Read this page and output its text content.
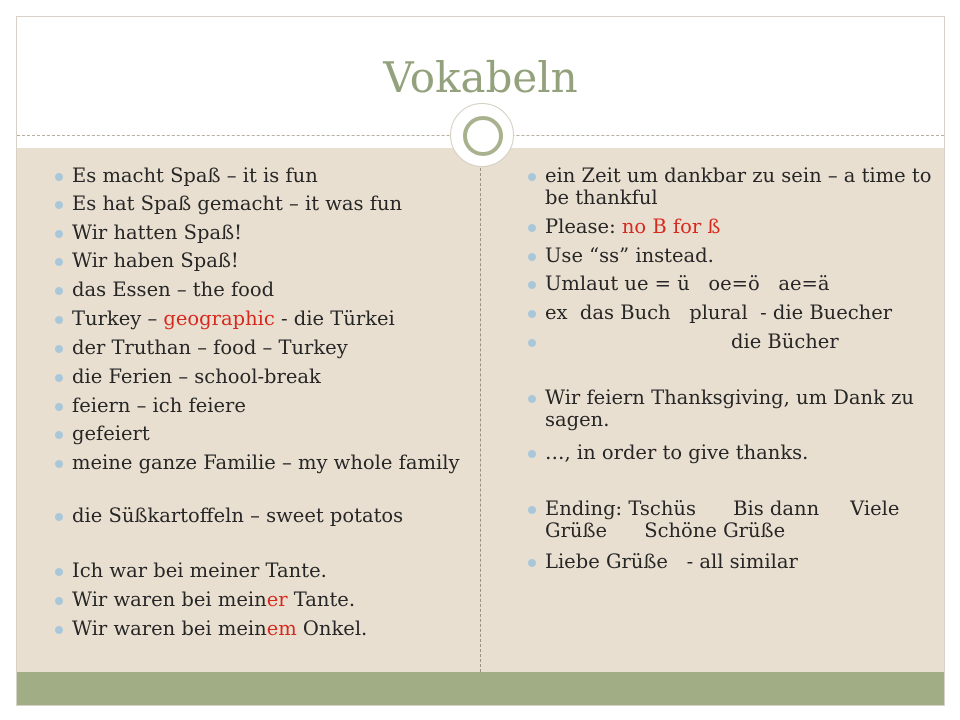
Vokabeln
Es macht Spaß – it is fun
Es hat Spaß gemacht – it was fun
Wir hatten Spaß!
Wir haben Spaß!
das Essen – the food
Turkey – geographic - die Türkei
der Truthan – food – Turkey
die Ferien – school-break
feiern – ich feiere
gefeiert
meine ganze Familie – my whole family
die Süßkartoffeln – sweet potatos
Ich war bei meiner Tante.
Wir waren bei meiner Tante.
Wir waren bei meinem Onkel.
ein Zeit um dankbar zu sein – a time to be thankful
Please: no B for ß
Use “ss” instead.
Umlaut ue = ü   oe=ö   ae=ä
ex  das Buch   plural  - die Buecher
die Bücher
Wir feiern Thanksgiving, um Dank zu sagen.
…, in order to give thanks.
Ending: Tschüs      Bis dann     Viele Grüße      Schöne Grüße
Liebe Grüße   - all similar
